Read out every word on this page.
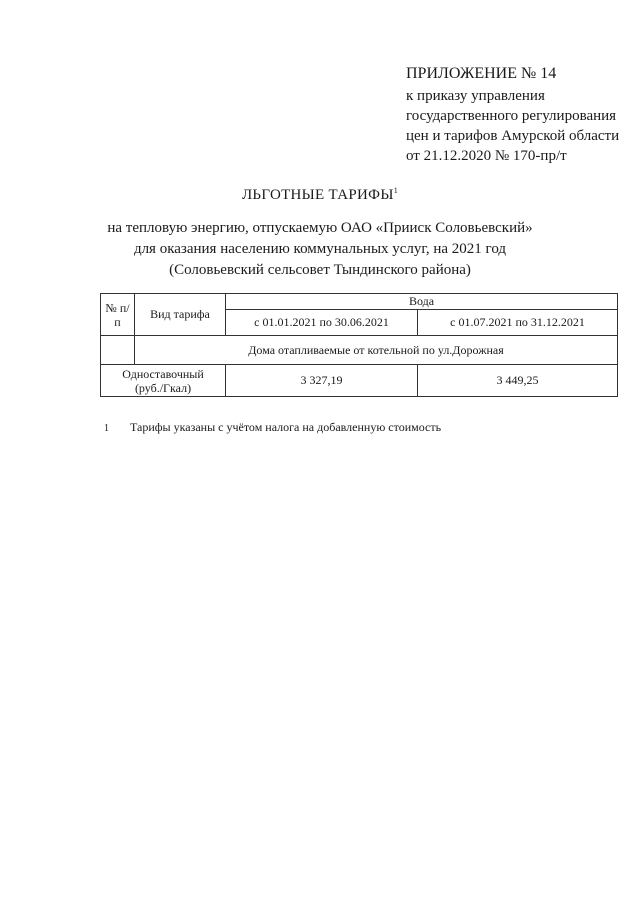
ПРИЛОЖЕНИЕ № 14
к приказу управления
государственного регулирования
цен и тарифов Амурской области
от 21.12.2020 № 170-пр/т
ЛЬГОТНЫЕ ТАРИФЫ$^1$
на тепловую энергию, отпускаемую ОАО «Прииск Соловьевский»
для оказания населению коммунальных услуг, на 2021 год
(Соловьевский сельсовет Тындинского района)
№ п/п	Вид тарифа	Вода	
		с 01.01.2021 по 30.06.2021	с 01.07.2021 по 31.12.2021
	Дома отапливаемые от котельной по ул.Дорожная		

Одноставочный
(руб./Гкал)		3 327,19	3 449,25
1 Тарифы указаны с учётом налога на добавленную стоимость
